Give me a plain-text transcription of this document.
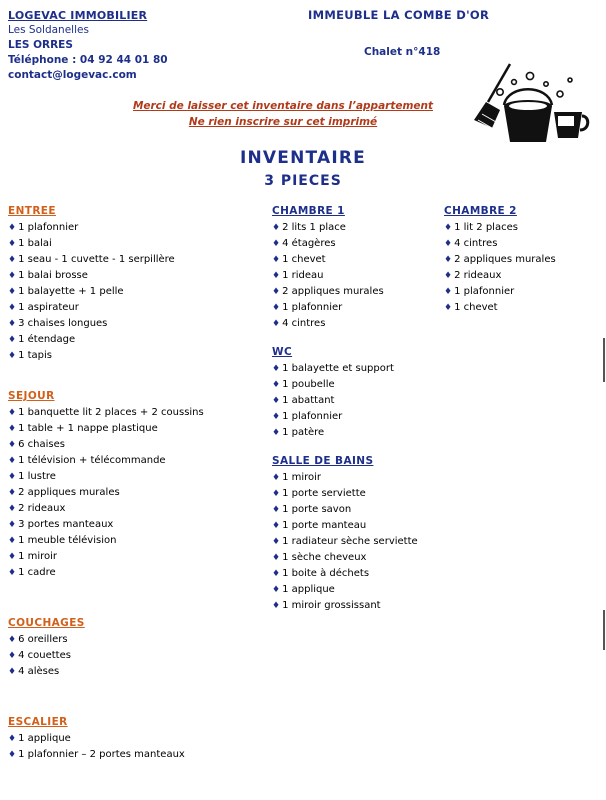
LOGEVAC IMMOBILIER
Les Soldanelles
LES ORRES
Téléphone : 04 92 44 01 80
contact@logevac.com
IMMEUBLE LA COMBE D'OR
Chalet n°418
Merci de laisser cet inventaire dans l’appartement
Ne rien inscrire sur cet imprimé
INVENTAIRE
3 PIECES
ENTREE
♦ 1 plafonnier
♦ 1 balai
♦ 1 seau - 1 cuvette - 1 serpillère
♦ 1 balai brosse
♦ 1 balayette + 1 pelle
♦ 1 aspirateur
♦ 3 chaises longues
♦ 1 étendage
♦ 1 tapis
SEJOUR
♦ 1 banquette lit 2 places + 2 coussins
♦ 1 table + 1 nappe plastique
♦ 6 chaises
♦ 1 télévision + télécommande
♦ 1 lustre
♦ 2 appliques murales
♦ 2 rideaux
♦ 3 portes manteaux
♦ 1 meuble télévision
♦ 1 miroir
♦ 1 cadre
COUCHAGES
♦ 6 oreillers
♦ 4 couettes
♦ 4 alèses
ESCALIER
♦ 1 applique
♦ 1 plafonnier – 2 portes manteaux
CHAMBRE 1
♦ 2 lits 1 place
♦ 4 étagères
♦ 1 chevet
♦ 1 rideau
♦ 2 appliques murales
♦ 1 plafonnier
♦ 4 cintres
WC
♦ 1 balayette et support
♦ 1 poubelle
♦ 1 abattant
♦ 1 plafonnier
♦ 1 patère
SALLE DE BAINS
♦ 1 miroir
♦ 1 porte serviette
♦ 1 porte savon
♦ 1 porte manteau
♦ 1 radiateur sèche serviette
♦ 1 sèche cheveux
♦ 1 boite à déchets
♦ 1 applique
♦ 1 miroir grossissant
CHAMBRE 2
♦ 1 lit 2 places
♦ 4 cintres
♦ 2 appliques murales
♦ 2 rideaux
♦ 1 plafonnier
♦ 1 chevet
